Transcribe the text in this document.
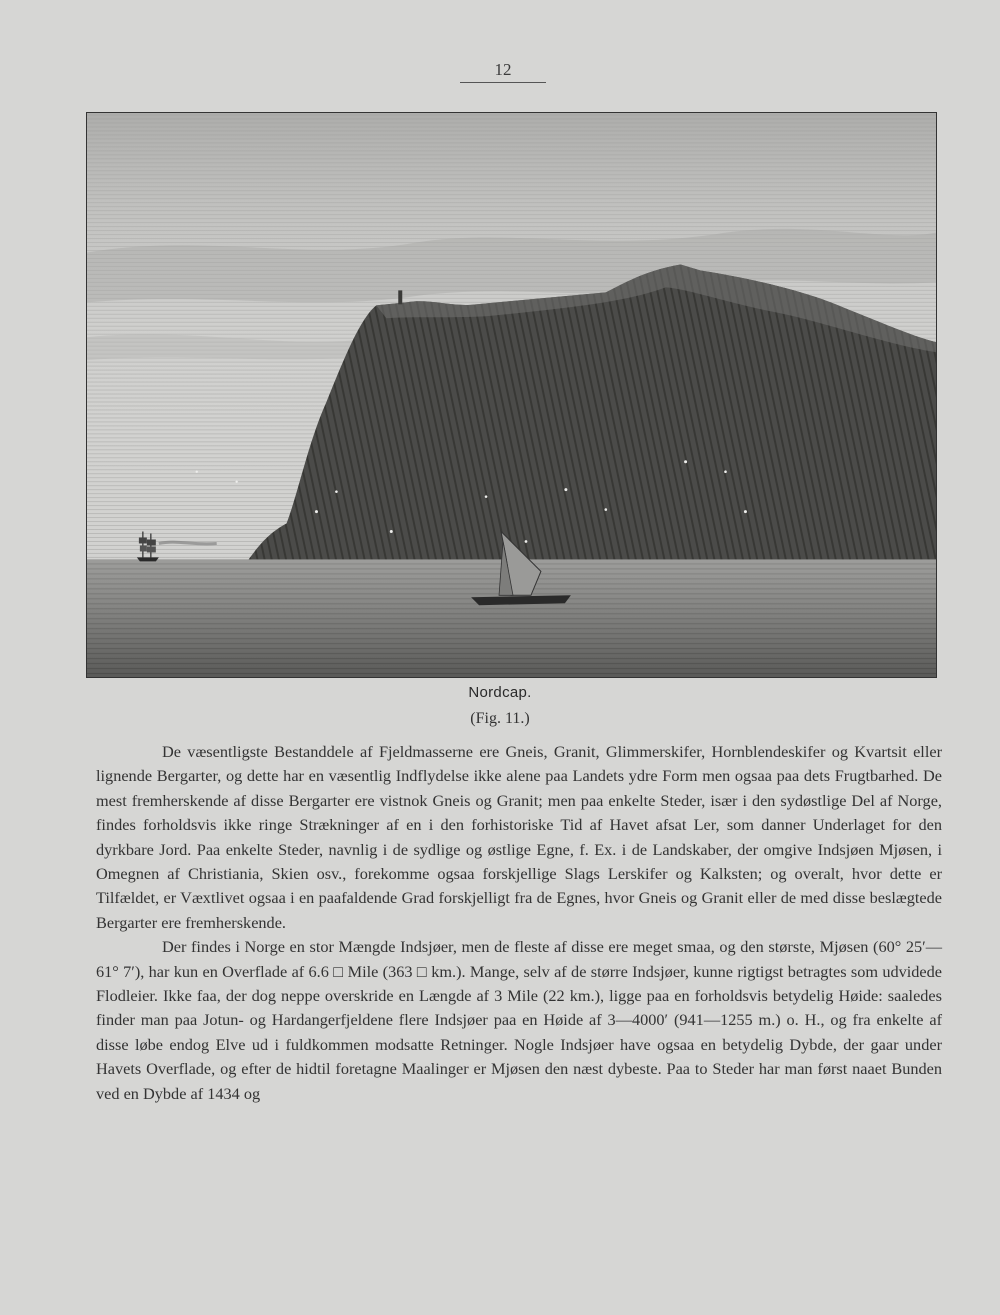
12
Nordcap.
(Fig. 11.)

De væsentligste Bestanddele af Fjeldmasserne ere Gneis, Granit, Glimmerskifer, Hornblendeskifer og Kvartsit eller lignende Bergarter, og dette har en væsentlig Indflydelse ikke alene paa Landets ydre Form men ogsaa paa dets Frugtbarhed. De mest fremherskende af disse Bergarter ere vistnok Gneis og Granit; men paa enkelte Steder, især i den sydøstlige Del af Norge, findes forholdsvis ikke ringe Strækninger af en i den forhistoriske Tid af Havet afsat Ler, som danner Underlaget for den dyrkbare Jord. Paa enkelte Steder, navnlig i de sydlige og østlige Egne, f. Ex. i de Landskaber, der omgive Indsjøen Mjøsen, i Omegnen af Christiania, Skien osv., forekomme ogsaa forskjellige Slags Lerskifer og Kalksten; og overalt, hvor dette er Tilfældet, er Væxtlivet ogsaa i en paafaldende Grad forskjelligt fra de Egnes, hvor Gneis og Granit eller de med disse beslægtede Bergarter ere fremherskende.

Der findes i Norge en stor Mængde Indsjøer, men de fleste af disse ere meget smaa, og den største, Mjøsen (60° 25′—61° 7′), har kun en Overflade af 6.6 □ Mile (363 □ km.). Mange, selv af de større Indsjøer, kunne rigtigst betragtes som udvidede Flodleier. Ikke faa, der dog neppe overskride en Længde af 3 Mile (22 km.), ligge paa en forholdsvis betydelig Høide: saaledes finder man paa Jotun- og Hardangerfjeldene flere Indsjøer paa en Høide af 3—4000′ (941—1255 m.) o. H., og fra enkelte af disse løbe endog Elve ud i fuldkommen modsatte Retninger. Nogle Indsjøer have ogsaa en betydelig Dybde, der gaar under Havets Overflade, og efter de hidtil foretagne Maalinger er Mjøsen den næst dybeste. Paa to Steder har man først naaet Bunden ved en Dybde af 1434 og
